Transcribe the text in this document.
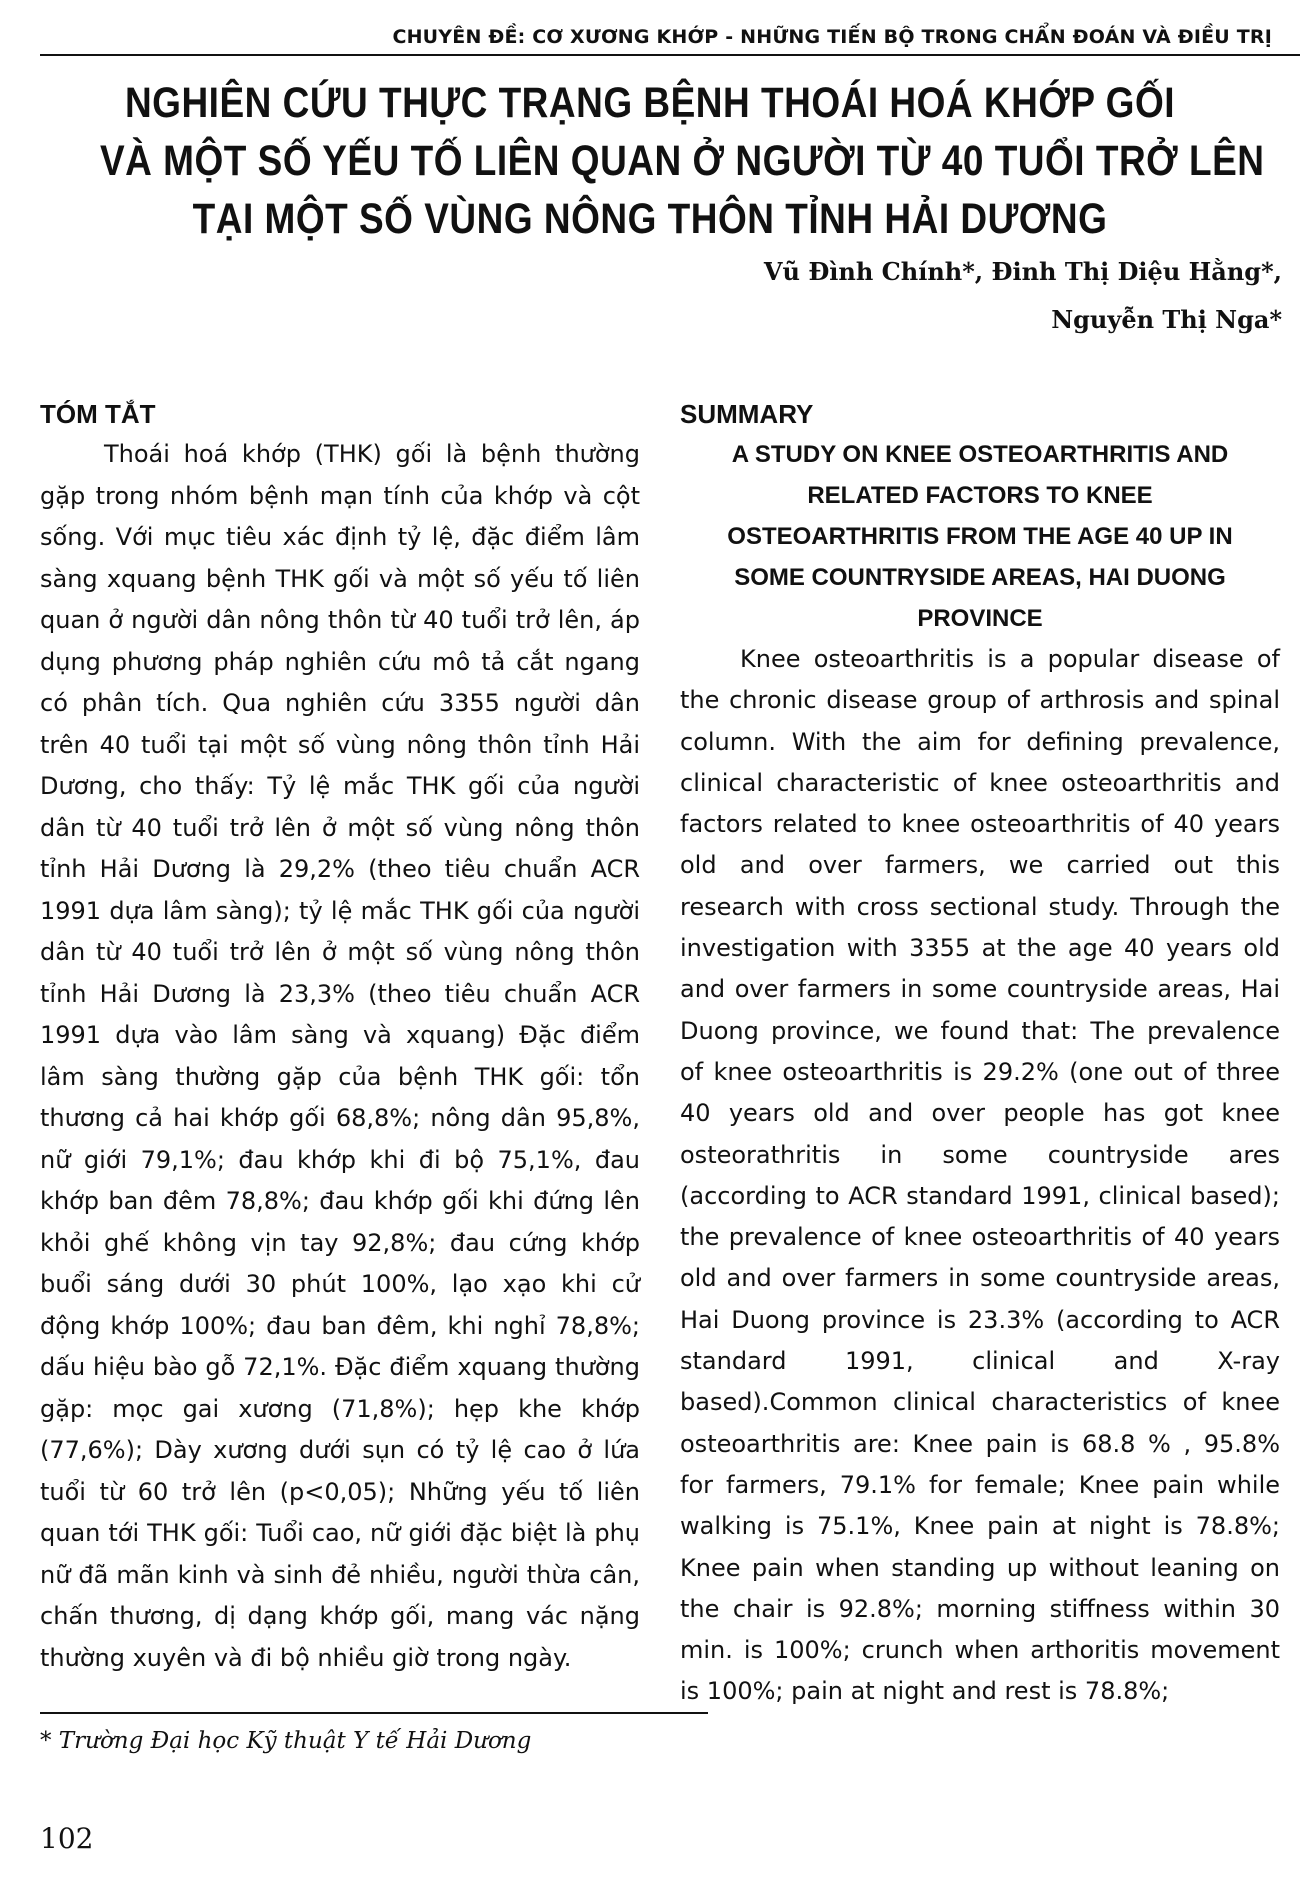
CHUYÊN ĐỀ: CƠ XƯƠNG KHỚP - NHỮNG TIẾN BỘ TRONG CHẨN ĐOÁN VÀ ĐIỀU TRỊ
NGHIÊN CỨU THỰC TRẠNG BỆNH THOÁI HOÁ KHỚP GỐI
VÀ MỘT SỐ YẾU TỐ LIÊN QUAN Ở NGƯỜI TỪ 40 TUỔI TRỞ LÊN
TẠI MỘT SỐ VÙNG NÔNG THÔN TỈNH HẢI DƯƠNG
Vũ Đình Chính*, Đinh Thị Diệu Hằng*,
Nguyễn Thị Nga*
TÓM TẮT

Thoái hoá khớp (THK) gối là bệnh thường gặp trong nhóm bệnh mạn tính của khớp và cột sống. Với mục tiêu xác định tỷ lệ, đặc điểm lâm sàng xquang bệnh THK gối và một số yếu tố liên quan ở người dân nông thôn từ 40 tuổi trở lên, áp dụng phương pháp nghiên cứu mô tả cắt ngang có phân tích. Qua nghiên cứu 3355 người dân trên 40 tuổi tại một số vùng nông thôn tỉnh Hải Dương, cho thấy: Tỷ lệ mắc THK gối của người dân từ 40 tuổi trở lên ở một số vùng nông thôn tỉnh Hải Dương là 29,2% (theo tiêu chuẩn ACR 1991 dựa lâm sàng); tỷ lệ mắc THK gối của người dân từ 40 tuổi trở lên ở một số vùng nông thôn tỉnh Hải Dương là 23,3% (theo tiêu chuẩn ACR 1991 dựa vào lâm sàng và xquang) Đặc điểm lâm sàng thường gặp của bệnh THK gối: tổn thương cả hai khớp gối 68,8%; nông dân 95,8%, nữ giới 79,1%; đau khớp khi đi bộ 75,1%, đau khớp ban đêm 78,8%; đau khớp gối khi đứng lên khỏi ghế không vịn tay 92,8%; đau cứng khớp buổi sáng dưới 30 phút 100%, lạo xạo khi cử động khớp 100%; đau ban đêm, khi nghỉ 78,8%; dấu hiệu bào gỗ 72,1%. Đặc điểm xquang thường gặp: mọc gai xương (71,8%); hẹp khe khớp (77,6%); Dày xương dưới sụn có tỷ lệ cao ở lứa tuổi từ 60 trở lên (p<0,05); Những yếu tố liên quan tới THK gối: Tuổi cao, nữ giới đặc biệt là phụ nữ đã mãn kinh và sinh đẻ nhiều, người thừa cân, chấn thương, dị dạng khớp gối, mang vác nặng thường xuyên và đi bộ nhiều giờ trong ngày.

SUMMARY
A STUDY ON KNEE OSTEOARTHRITIS AND
RELATED FACTORS TO KNEE
OSTEOARTHRITIS FROM THE AGE 40 UP IN
SOME COUNTRYSIDE AREAS, HAI DUONG
PROVINCE

Knee osteoarthritis is a popular disease of the chronic disease group of arthrosis and spinal column. With the aim for defining prevalence, clinical characteristic of knee osteoarthritis and factors related to knee osteoarthritis of 40 years old and over farmers, we carried out this research with cross sectional study. Through the investigation with 3355 at the age 40 years old and over farmers in some countryside areas, Hai Duong province, we found that: The prevalence of knee osteoarthritis is 29.2% (one out of three 40 years old and over people has got knee osteorathritis in some countryside ares (according to ACR standard 1991, clinical based); the prevalence of knee osteoarthritis of 40 years old and over farmers in some countryside areas, Hai Duong province is 23.3% (according to ACR standard 1991, clinical and X-ray based).Common clinical characteristics of knee osteoarthritis are: Knee pain is 68.8 % , 95.8% for farmers, 79.1% for female; Knee pain while walking is 75.1%, Knee pain at night is 78.8%; Knee pain when standing up without leaning on the chair is 92.8%; morning stiffness within 30 min. is 100%; crunch when arthoritis movement is 100%; pain at night and rest is 78.8%;

* Trường Đại học Kỹ thuật Y tế Hải Dương
102
